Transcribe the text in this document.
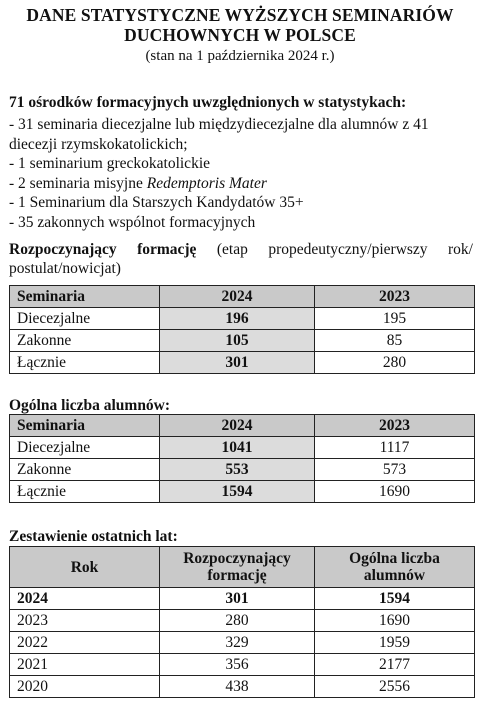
DANE STATYSTYCZNE WYŻSZYCH SEMINARIÓW
DUCHOWNYCH W POLSCE
(stan na 1 października 2024 r.)
71 ośrodków formacyjnych uwzględnionych w statystykach:

- 31 seminaria diecezjalne lub międzydiecezjalne dla alumnów z 41 diecezji rzymskokatolickich;

- 1 seminarium greckokatolickie

- 2 seminaria misyjne Redemptoris Mater

- 1 Seminarium dla Starszych Kandydatów 35+

- 35 zakonnych wspólnot formacyjnych

Rozpoczynający formację (etap propedeutyczny/pierwszy rok/ postulat/nowicjat)
Seminaria	2024	2023
Diecezjalne	196	195
Zakonne	105	85
Łącznie	301	280
Ogólna liczba alumnów:
Seminaria	2024	2023
Diecezjalne	1041	1117
Zakonne	553	573
Łącznie	1594	1690
Zestawienie ostatnich lat:
Rok	Rozpoczynający formację	Ogólna liczba alumnów
2024	301	1594
2023	280	1690
2022	329	1959
2021	356	2177
2020	438	2556
